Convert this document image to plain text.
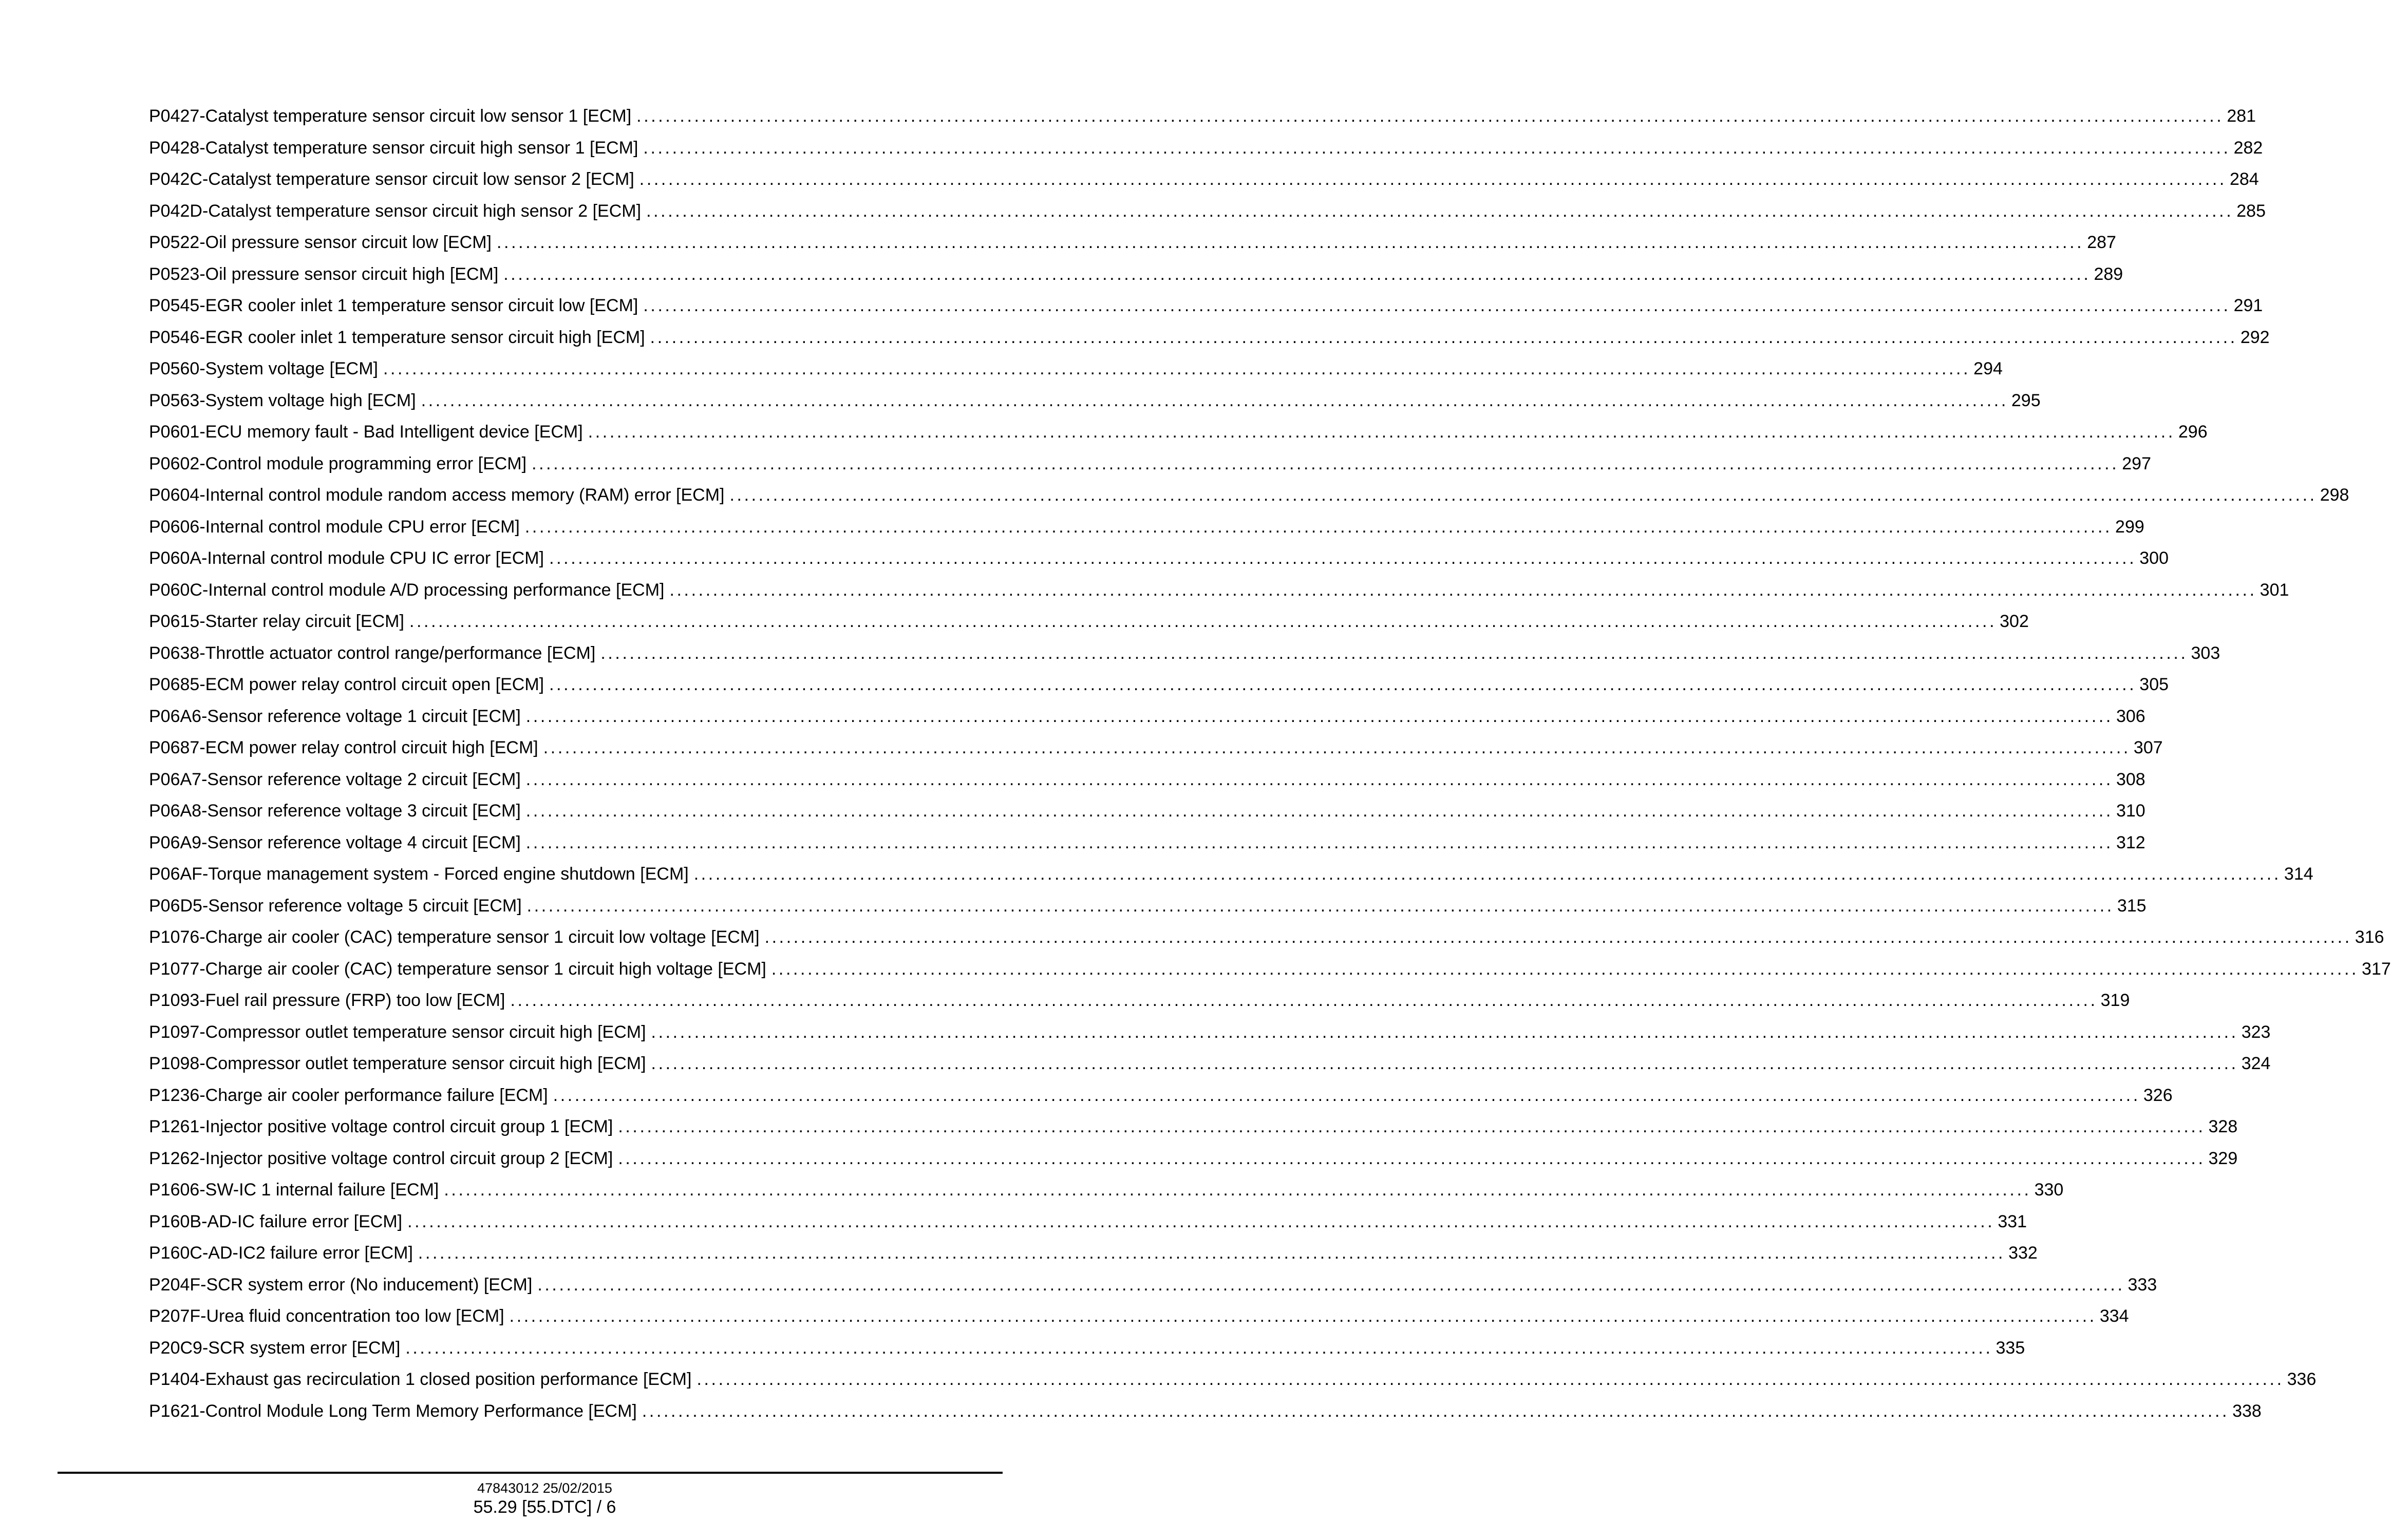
P0427-Catalyst temperature sensor circuit low sensor 1 [ECM] ............................................................................................................................................................................................................................ 281
P0428-Catalyst temperature sensor circuit high sensor 1 [ECM] ............................................................................................................................................................................................................................ 282
P042C-Catalyst temperature sensor circuit low sensor 2 [ECM] ............................................................................................................................................................................................................................ 284
P042D-Catalyst temperature sensor circuit high sensor 2 [ECM] ............................................................................................................................................................................................................................ 285
P0522-Oil pressure sensor circuit low [ECM] ............................................................................................................................................................................................................................ 287
P0523-Oil pressure sensor circuit high [ECM] ............................................................................................................................................................................................................................ 289
P0545-EGR cooler inlet 1 temperature sensor circuit low [ECM] ............................................................................................................................................................................................................................ 291
P0546-EGR cooler inlet 1 temperature sensor circuit high [ECM] ............................................................................................................................................................................................................................ 292
P0560-System voltage [ECM] ............................................................................................................................................................................................................................ 294
P0563-System voltage high [ECM] ............................................................................................................................................................................................................................ 295
P0601-ECU memory fault - Bad Intelligent device [ECM] ............................................................................................................................................................................................................................ 296
P0602-Control module programming error [ECM] ............................................................................................................................................................................................................................ 297
P0604-Internal control module random access memory (RAM) error [ECM] ............................................................................................................................................................................................................................ 298
P0606-Internal control module CPU error [ECM] ............................................................................................................................................................................................................................ 299
P060A-Internal control module CPU IC error [ECM] ............................................................................................................................................................................................................................ 300
P060C-Internal control module A/D processing performance [ECM] ............................................................................................................................................................................................................................ 301
P0615-Starter relay circuit [ECM] ............................................................................................................................................................................................................................ 302
P0638-Throttle actuator control range/performance [ECM] ............................................................................................................................................................................................................................ 303
P0685-ECM power relay control circuit open [ECM] ............................................................................................................................................................................................................................ 305
P06A6-Sensor reference voltage 1 circuit [ECM] ............................................................................................................................................................................................................................ 306
P0687-ECM power relay control circuit high [ECM] ............................................................................................................................................................................................................................ 307
P06A7-Sensor reference voltage 2 circuit [ECM] ............................................................................................................................................................................................................................ 308
P06A8-Sensor reference voltage 3 circuit [ECM] ............................................................................................................................................................................................................................ 310
P06A9-Sensor reference voltage 4 circuit [ECM] ............................................................................................................................................................................................................................ 312
P06AF-Torque management system - Forced engine shutdown [ECM] ............................................................................................................................................................................................................................ 314
P06D5-Sensor reference voltage 5 circuit [ECM] ............................................................................................................................................................................................................................ 315
P1076-Charge air cooler (CAC) temperature sensor 1 circuit low voltage [ECM] ............................................................................................................................................................................................................................ 316
P1077-Charge air cooler (CAC) temperature sensor 1 circuit high voltage [ECM] ............................................................................................................................................................................................................................ 317
P1093-Fuel rail pressure (FRP) too low [ECM] ............................................................................................................................................................................................................................ 319
P1097-Compressor outlet temperature sensor circuit high [ECM] ............................................................................................................................................................................................................................ 323
P1098-Compressor outlet temperature sensor circuit high [ECM] ............................................................................................................................................................................................................................ 324
P1236-Charge air cooler performance failure [ECM] ............................................................................................................................................................................................................................ 326
P1261-Injector positive voltage control circuit group 1 [ECM] ............................................................................................................................................................................................................................ 328
P1262-Injector positive voltage control circuit group 2 [ECM] ............................................................................................................................................................................................................................ 329
P1606-SW-IC 1 internal failure [ECM] ............................................................................................................................................................................................................................ 330
P160B-AD-IC failure error [ECM] ............................................................................................................................................................................................................................ 331
P160C-AD-IC2 failure error [ECM] ............................................................................................................................................................................................................................ 332
P204F-SCR system error (No inducement) [ECM] ............................................................................................................................................................................................................................ 333
P207F-Urea fluid concentration too low [ECM] ............................................................................................................................................................................................................................ 334
P20C9-SCR system error [ECM] ............................................................................................................................................................................................................................ 335
P1404-Exhaust gas recirculation 1 closed position performance [ECM] ............................................................................................................................................................................................................................ 336
P1621-Control Module Long Term Memory Performance [ECM] ............................................................................................................................................................................................................................ 338
47843012 25/02/2015
55.29 [55.DTC] / 6
